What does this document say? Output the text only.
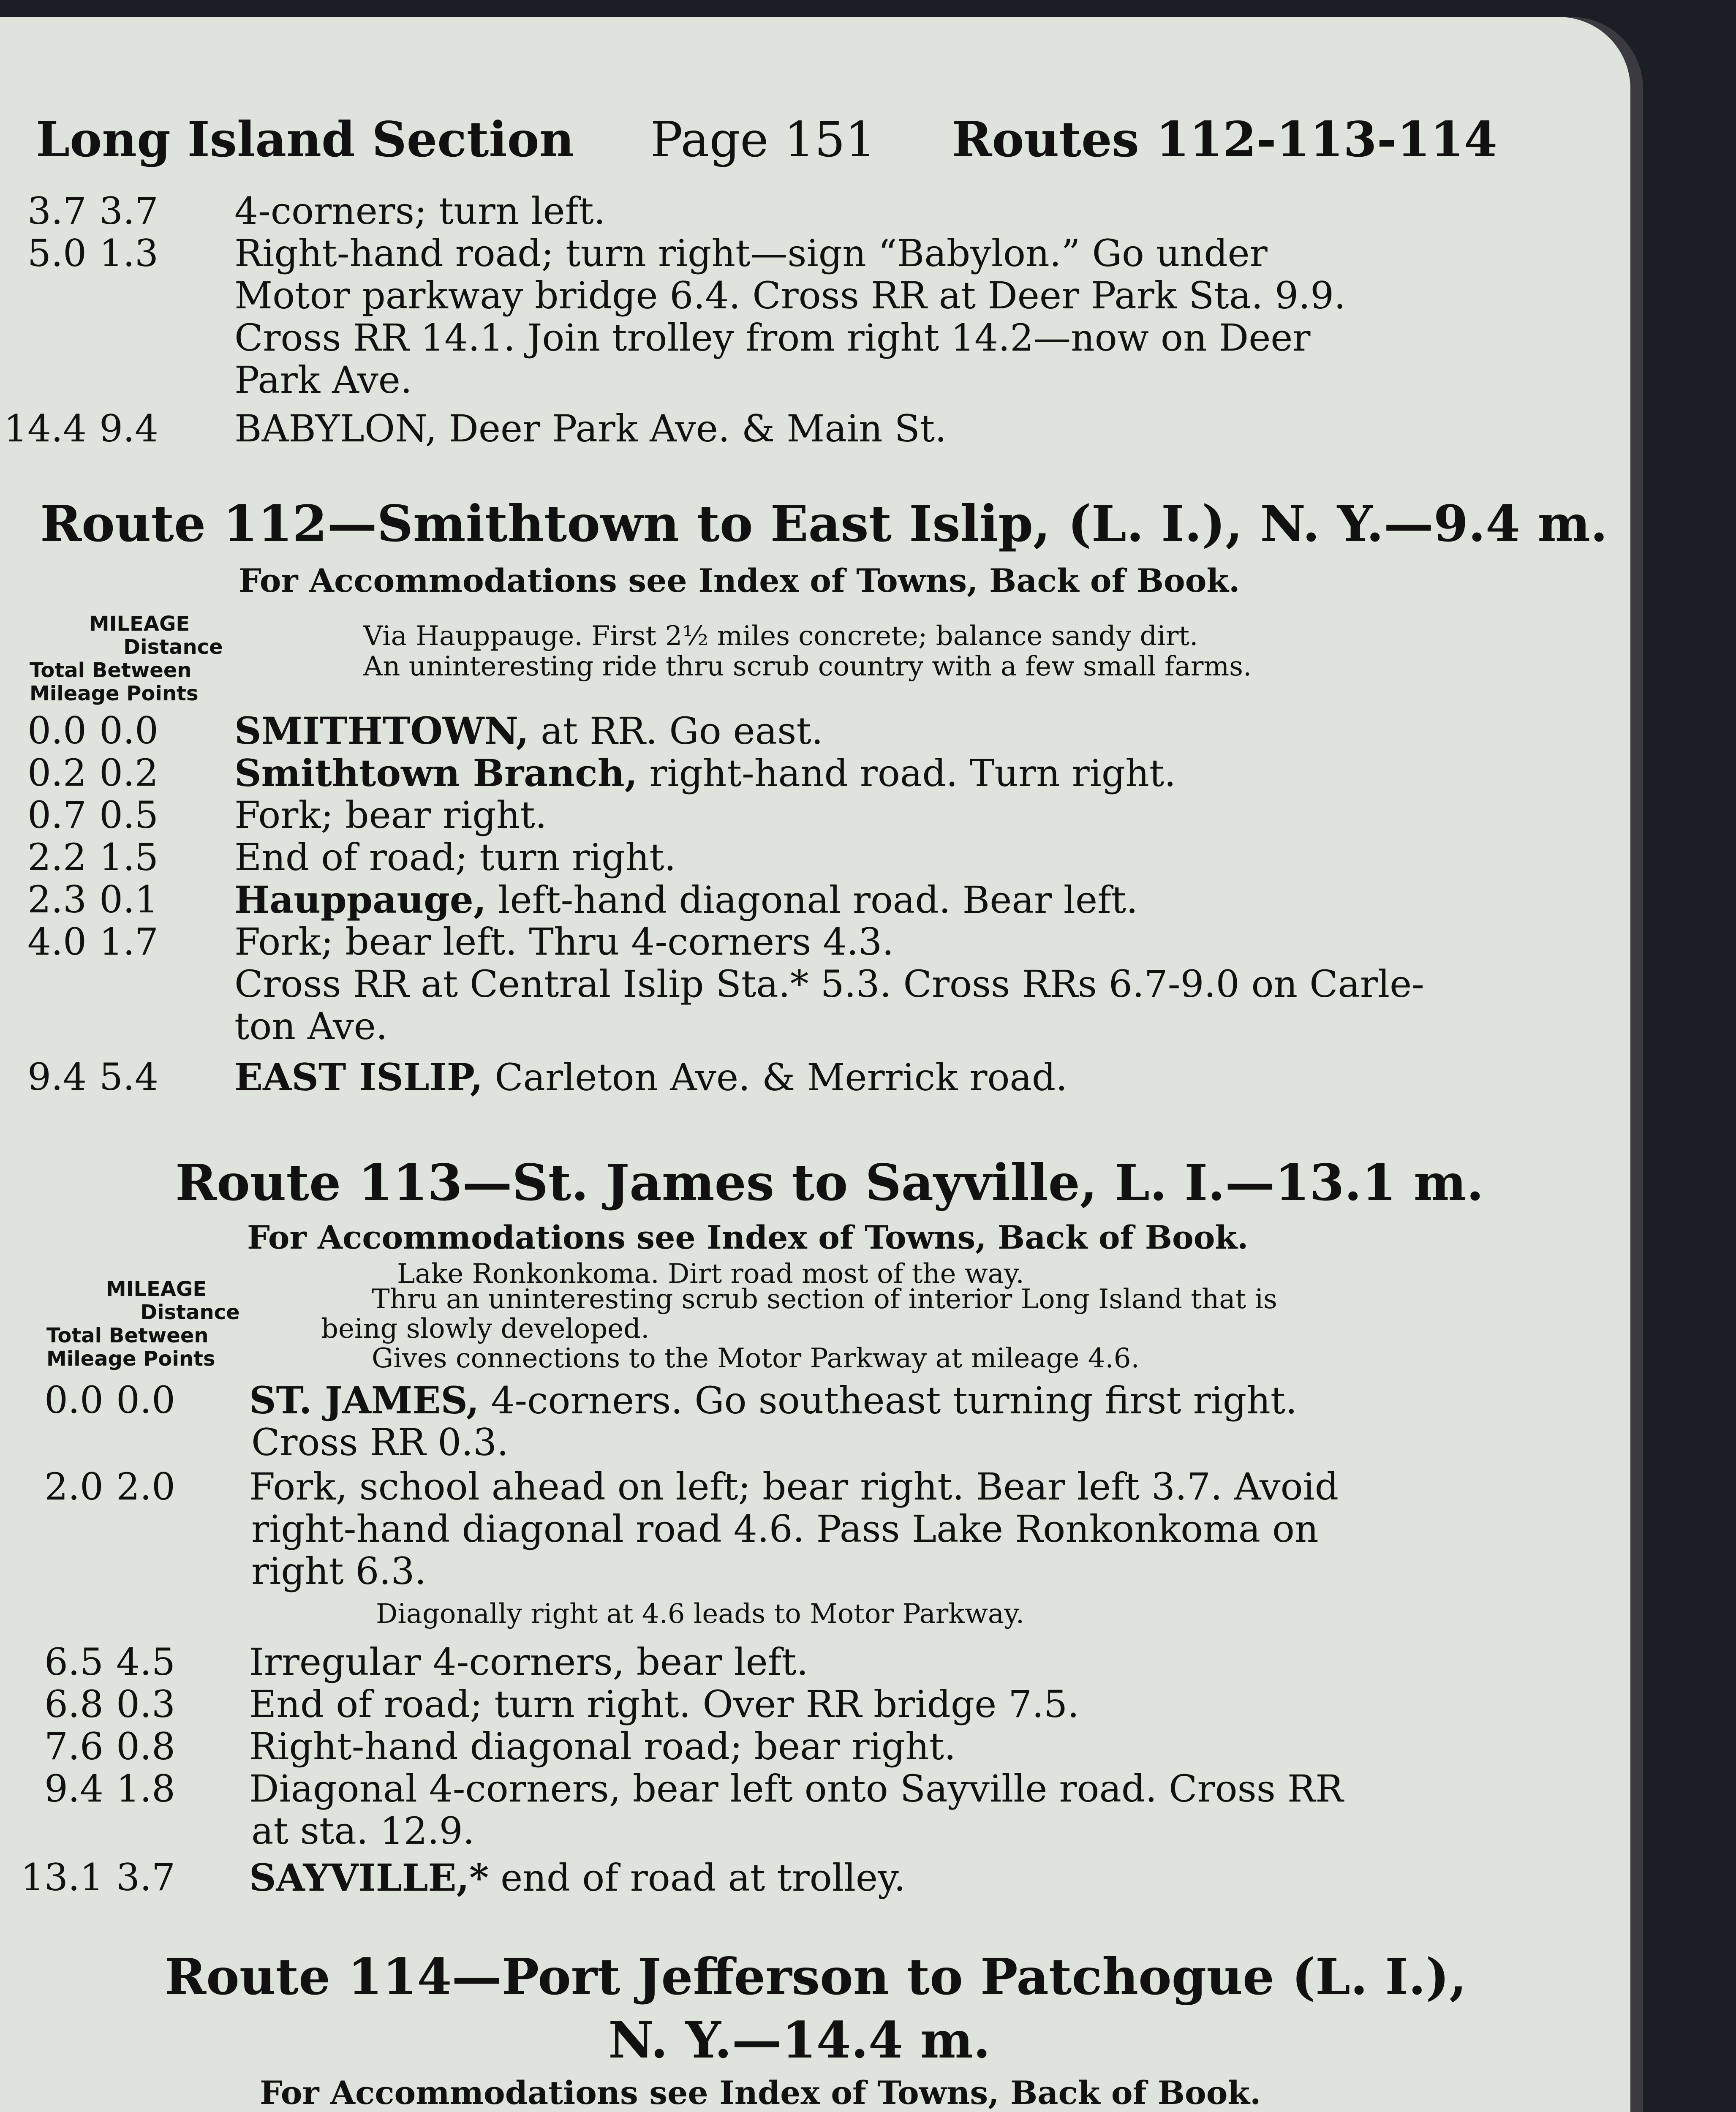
Long Island Section Page 151 Routes 112-113-114
3.7 3.7	4-corners; turn left.
5.0 1.3	Right-hand road; turn right—sign “Babylon.” Go under
Motor parkway bridge 6.4. Cross RR at Deer Park Sta. 9.9.
Cross RR 14.1. Join trolley from right 14.2—now on Deer
Park Ave.
14.4 9.4	BABYLON, Deer Park Ave. & Main St.
Route 112—Smithtown to East Islip, (L. I.), N. Y.—9.4 m.
For Accommodations see Index of Towns, Back of Book.
MILEAGE
Distance
Total Between
Mileage Points
Via Hauppauge. First 2½ miles concrete; balance sandy dirt.
An uninteresting ride thru scrub country with a few small farms.
0.0 0.0	SMITHTOWN, at RR. Go east.
0.2 0.2	Smithtown Branch, right-hand road. Turn right.
0.7 0.5	Fork; bear right.
2.2 1.5	End of road; turn right.
2.3 0.1	Hauppauge, left-hand diagonal road. Bear left.
4.0 1.7	Fork; bear left. Thru 4-corners 4.3.
Cross RR at Central Islip Sta.* 5.3. Cross RRs 6.7-9.0 on Carle-
ton Ave.
9.4 5.4	EAST ISLIP, Carleton Ave. & Merrick road.
Route 113—St. James to Sayville, L. I.—13.1 m.
For Accommodations see Index of Towns, Back of Book.
MILEAGE
Distance
Total Between
Mileage Points
Lake Ronkonkoma. Dirt road most of the way.
Thru an uninteresting scrub section of interior Long Island that is
being slowly developed.
Gives connections to the Motor Parkway at mileage 4.6.
0.0 0.0	ST. JAMES, 4-corners. Go southeast turning first right.
Cross RR 0.3.
2.0 2.0	Fork, school ahead on left; bear right. Bear left 3.7. Avoid
right-hand diagonal road 4.6. Pass Lake Ronkonkoma on
right 6.3.
Diagonally right at 4.6 leads to Motor Parkway.
6.5 4.5	Irregular 4-corners, bear left.
6.8 0.3	End of road; turn right. Over RR bridge 7.5.
7.6 0.8	Right-hand diagonal road; bear right.
9.4 1.8	Diagonal 4-corners, bear left onto Sayville road. Cross RR
at sta. 12.9.
13.1 3.7	SAYVILLE,* end of road at trolley.
Route 114—Port Jefferson to Patchogue (L. I.),
N. Y.—14.4 m.
For Accommodations see Index of Towns, Back of Book.
